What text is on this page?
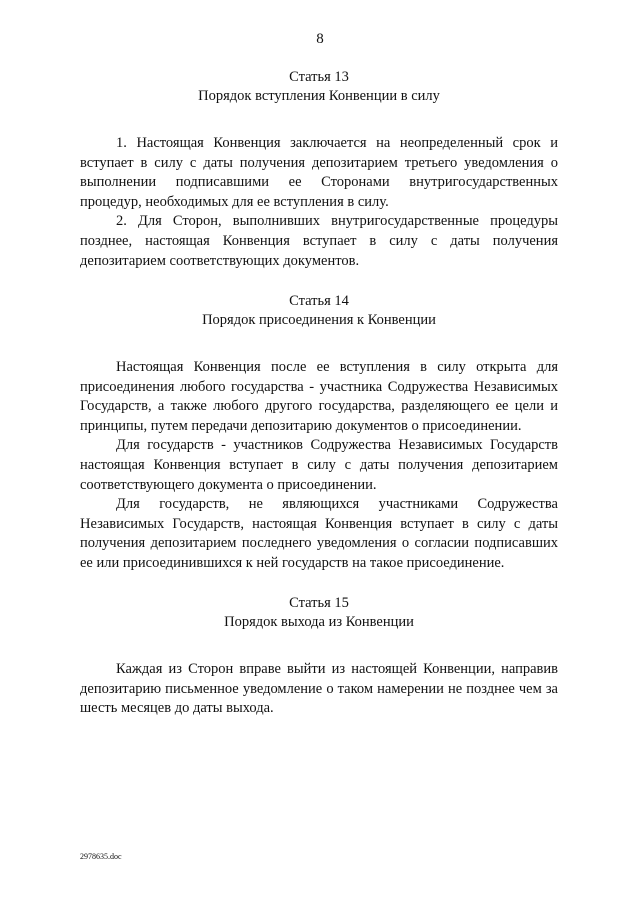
8
Статья 13
Порядок вступления Конвенции в силу

1. Настоящая Конвенция заключается на неопределенный срок и вступает в силу с даты получения депозитарием третьего уведомления о выполнении подписавшими ее Сторонами внутригосударственных процедур, необходимых для ее вступления в силу.

2. Для Сторон, выполнивших внутригосударственные процедуры позднее, настоящая Конвенция вступает в силу с даты получения депозитарием соответствующих документов.

Статья 14
Порядок присоединения к Конвенции

Настоящая Конвенция после ее вступления в силу открыта для присоединения любого государства - участника Содружества Независимых Государств, а также любого другого государства, разделяющего ее цели и принципы, путем передачи депозитарию документов о присоединении.

Для государств - участников Содружества Независимых Государств настоящая Конвенция вступает в силу с даты получения депозитарием соответствующего документа о присоединении.

Для государств, не являющихся участниками Содружества Независимых Государств, настоящая Конвенция вступает в силу с даты получения депозитарием последнего уведомления о согласии подписавших ее или присоединившихся к ней государств на такое присоединение.

Статья 15
Порядок выхода из Конвенции

Каждая из Сторон вправе выйти из настоящей Конвенции, направив депозитарию письменное уведомление о таком намерении не позднее чем за шесть месяцев до даты выхода.

2978635.doc
